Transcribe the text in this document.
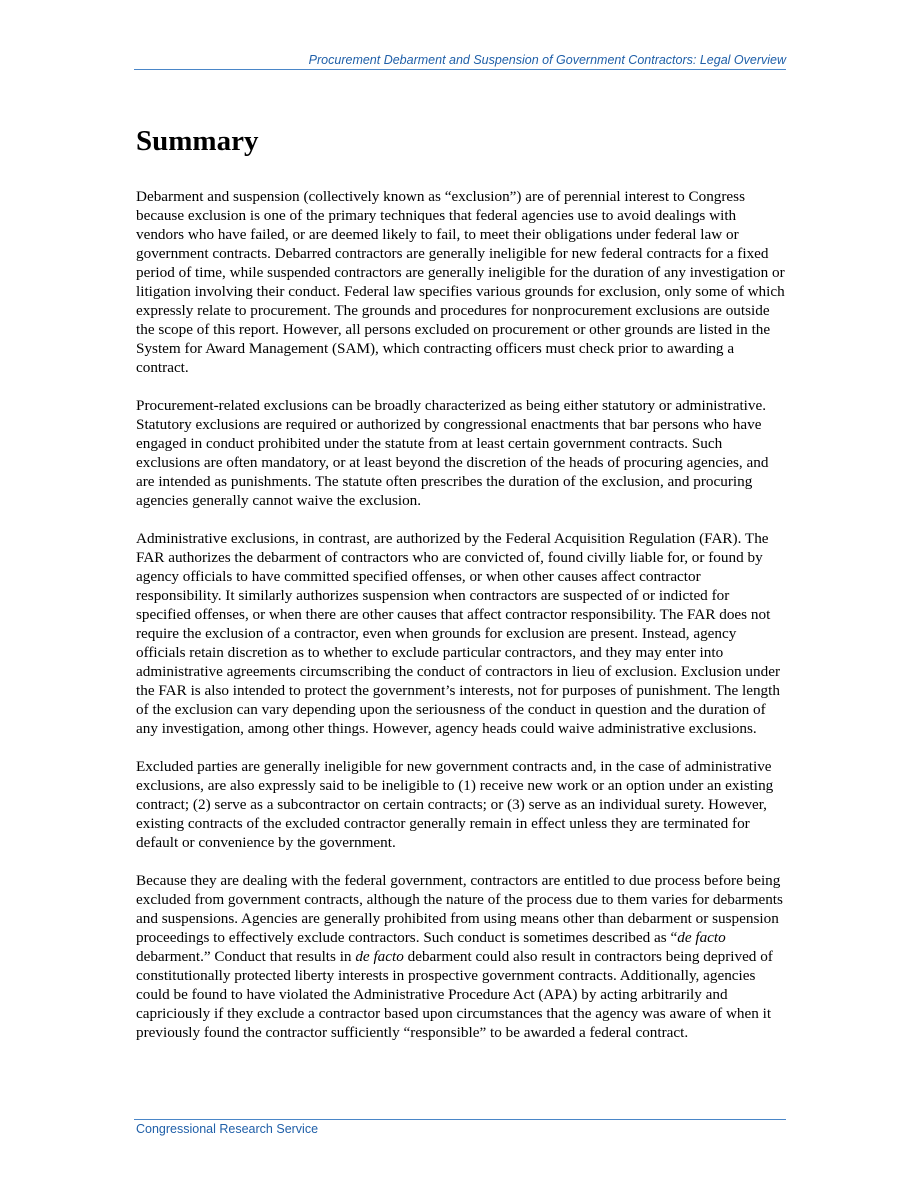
Procurement Debarment and Suspension of Government Contractors: Legal Overview
Summary

Debarment and suspension (collectively known as “exclusion”) are of perennial interest to Congress because exclusion is one of the primary techniques that federal agencies use to avoid dealings with vendors who have failed, or are deemed likely to fail, to meet their obligations under federal law or government contracts. Debarred contractors are generally ineligible for new federal contracts for a fixed period of time, while suspended contractors are generally ineligible for the duration of any investigation or litigation involving their conduct. Federal law specifies various grounds for exclusion, only some of which expressly relate to procurement. The grounds and procedures for nonprocurement exclusions are outside the scope of this report. However, all persons excluded on procurement or other grounds are listed in the System for Award Management (SAM), which contracting officers must check prior to awarding a contract.

Procurement-related exclusions can be broadly characterized as being either statutory or administrative. Statutory exclusions are required or authorized by congressional enactments that bar persons who have engaged in conduct prohibited under the statute from at least certain government contracts. Such exclusions are often mandatory, or at least beyond the discretion of the heads of procuring agencies, and are intended as punishments. The statute often prescribes the duration of the exclusion, and procuring agencies generally cannot waive the exclusion.

Administrative exclusions, in contrast, are authorized by the Federal Acquisition Regulation (FAR). The FAR authorizes the debarment of contractors who are convicted of, found civilly liable for, or found by agency officials to have committed specified offenses, or when other causes affect contractor responsibility. It similarly authorizes suspension when contractors are suspected of or indicted for specified offenses, or when there are other causes that affect contractor responsibility. The FAR does not require the exclusion of a contractor, even when grounds for exclusion are present. Instead, agency officials retain discretion as to whether to exclude particular contractors, and they may enter into administrative agreements circumscribing the conduct of contractors in lieu of exclusion. Exclusion under the FAR is also intended to protect the government’s interests, not for purposes of punishment. The length of the exclusion can vary depending upon the seriousness of the conduct in question and the duration of any investigation, among other things. However, agency heads could waive administrative exclusions.

Excluded parties are generally ineligible for new government contracts and, in the case of administrative exclusions, are also expressly said to be ineligible to (1) receive new work or an option under an existing contract; (2) serve as a subcontractor on certain contracts; or (3) serve as an individual surety. However, existing contracts of the excluded contractor generally remain in effect unless they are terminated for default or convenience by the government.

Because they are dealing with the federal government, contractors are entitled to due process before being excluded from government contracts, although the nature of the process due to them varies for debarments and suspensions. Agencies are generally prohibited from using means other than debarment or suspension proceedings to effectively exclude contractors. Such conduct is sometimes described as “de facto debarment.” Conduct that results in de facto debarment could also result in contractors being deprived of constitutionally protected liberty interests in prospective government contracts. Additionally, agencies could be found to have violated the Administrative Procedure Act (APA) by acting arbitrarily and capriciously if they exclude a contractor based upon circumstances that the agency was aware of when it previously found the contractor sufficiently “responsible” to be awarded a federal contract.

Congressional Research Service
